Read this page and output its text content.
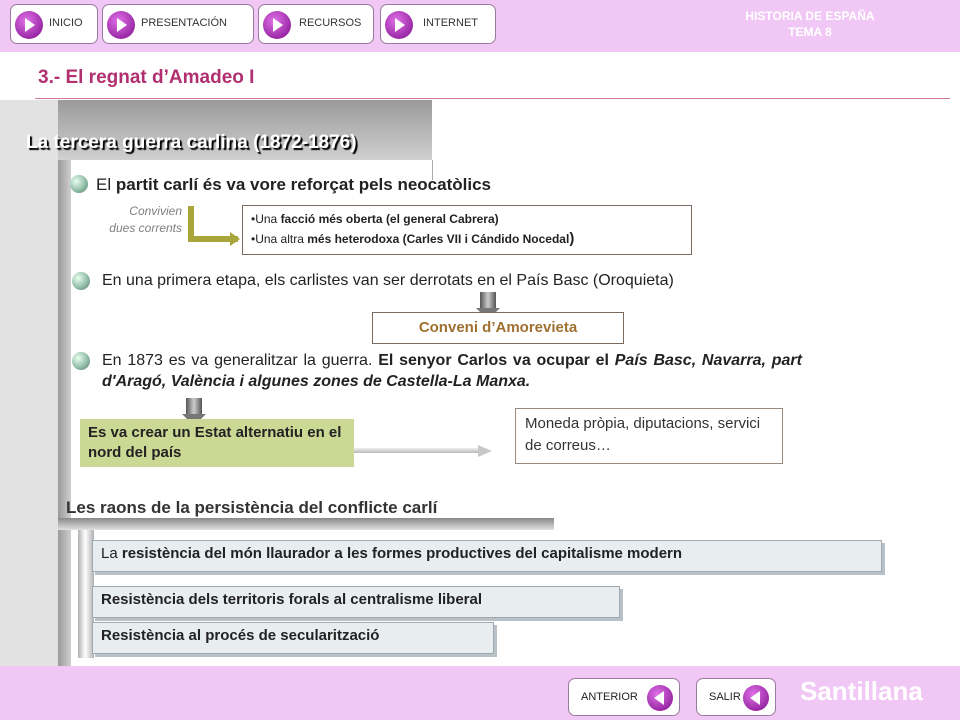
INICIO	PRESENTACIÓN	RECURSOS	INTERNET	HISTORIA DE ESPAÑA
TEMA 8
3.- El regnat d’Amadeo I
La tercera guerra carlina (1872-1876)
El partit carlí és va vore reforçat pels neocatòlics
Convivien
dues corrents
•Una facció més oberta (el general Cabrera)
•Una altra més heterodoxa (Carles VII i Cándido Nocedal)
En una primera etapa, els carlistes van ser derrotats en el País Basc (Oroquieta)
Conveni d’Amorevieta
En 1873 es va generalitzar la guerra. El senyor Carlos va ocupar el País Basc, Navarra, part d'Aragó, València i algunes zones de Castella-La Manxa.
Es va crear un Estat alternatiu en el nord del país
Moneda pròpia, diputacions, servici de correus…
Les raons de la persistència del conflicte carlí
La resistència del món llaurador a les formes productives del capitalisme modern
Resistència dels territoris forals al centralisme liberal
Resistència al procés de secularització
ANTERIOR	SALIR Santillana
